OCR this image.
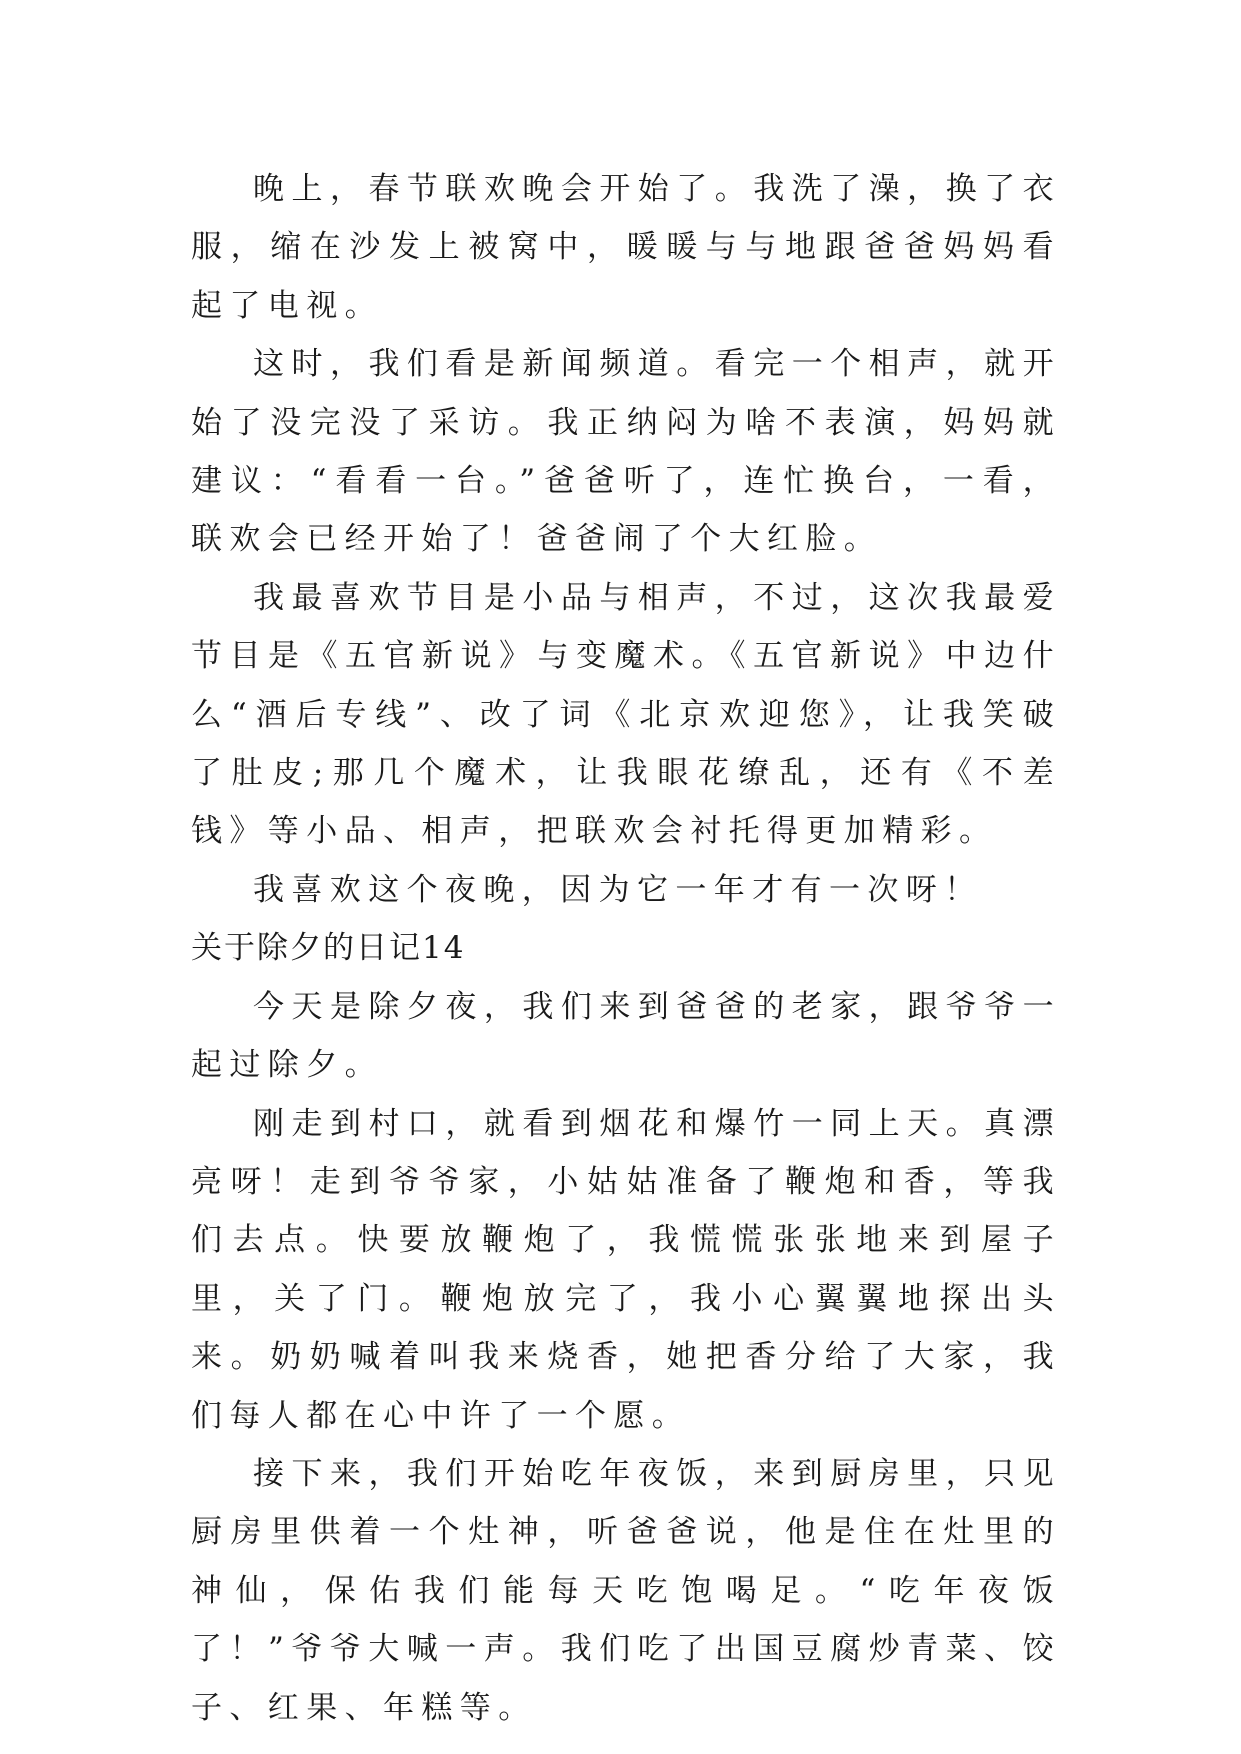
晚上，春节联欢晚会开始了。我洗了澡，换了衣服，缩在沙发上被窝中，暖暖与与地跟爸爸妈妈看起了电视。

这时，我们看是新闻频道。看完一个相声，就开始了没完没了采访。我正纳闷为啥不表演，妈妈就建议：“看看一台。”爸爸听了，连忙换台，一看，联欢会已经开始了！爸爸闹了个大红脸。

我最喜欢节目是小品与相声，不过，这次我最爱节目是《五官新说》与变魔术。《五官新说》中边什么“酒后专线”、改了词《北京欢迎您》，让我笑破了肚皮;那几个魔术，让我眼花缭乱，还有《不差钱》等小品、相声，把联欢会衬托得更加精彩。

我喜欢这个夜晚，因为它一年才有一次呀！

关于除夕的日记14

今天是除夕夜，我们来到爸爸的老家，跟爷爷一起过除夕。

刚走到村口，就看到烟花和爆竹一同上天。真漂亮呀！走到爷爷家，小姑姑准备了鞭炮和香，等我们去点。快要放鞭炮了，我慌慌张张地来到屋子里，关了门。鞭炮放完了，我小心翼翼地探出头来。奶奶喊着叫我来烧香，她把香分给了大家，我们每人都在心中许了一个愿。

接下来，我们开始吃年夜饭，来到厨房里，只见厨房里供着一个灶神，听爸爸说，他是住在灶里的神仙，保佑我们能每天吃饱喝足。“吃年夜饭了！”爷爷大喊一声。我们吃了出国豆腐炒青菜、饺子、红果、年糕等。
